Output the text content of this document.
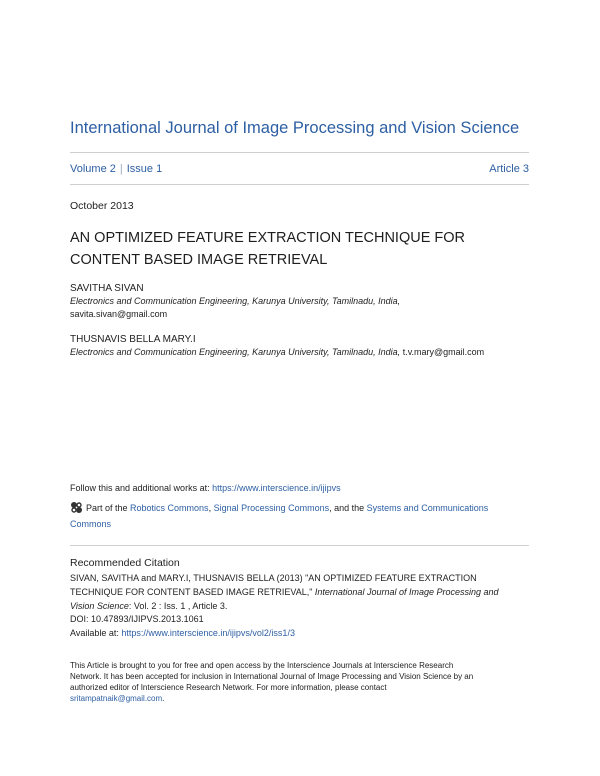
International Journal of Image Processing and Vision Science
Volume 2 | Issue 1	Article 3
October 2013
AN OPTIMIZED FEATURE EXTRACTION TECHNIQUE FOR
CONTENT BASED IMAGE RETRIEVAL
SAVITHA SIVAN
Electronics and Communication Engineering, Karunya University, Tamilnadu, India,
savita.sivan@gmail.com
THUSNAVIS BELLA MARY.I
Electronics and Communication Engineering, Karunya University, Tamilnadu, India, t.v.mary@gmail.com
Follow this and additional works at: https://www.interscience.in/ijipvs
Part of the Robotics Commons, Signal Processing Commons, and the Systems and Communications Commons
Recommended Citation
SIVAN, SAVITHA and MARY.I, THUSNAVIS BELLA (2013) "AN OPTIMIZED FEATURE EXTRACTION
TECHNIQUE FOR CONTENT BASED IMAGE RETRIEVAL," International Journal of Image Processing and
Vision Science: Vol. 2 : Iss. 1 , Article 3.
DOI: 10.47893/IJIPVS.2013.1061
Available at: https://www.interscience.in/ijipvs/vol2/iss1/3
This Article is brought to you for free and open access by the Interscience Journals at Interscience Research
Network. It has been accepted for inclusion in International Journal of Image Processing and Vision Science by an
authorized editor of Interscience Research Network. For more information, please contact
sritampatnaik@gmail.com.
